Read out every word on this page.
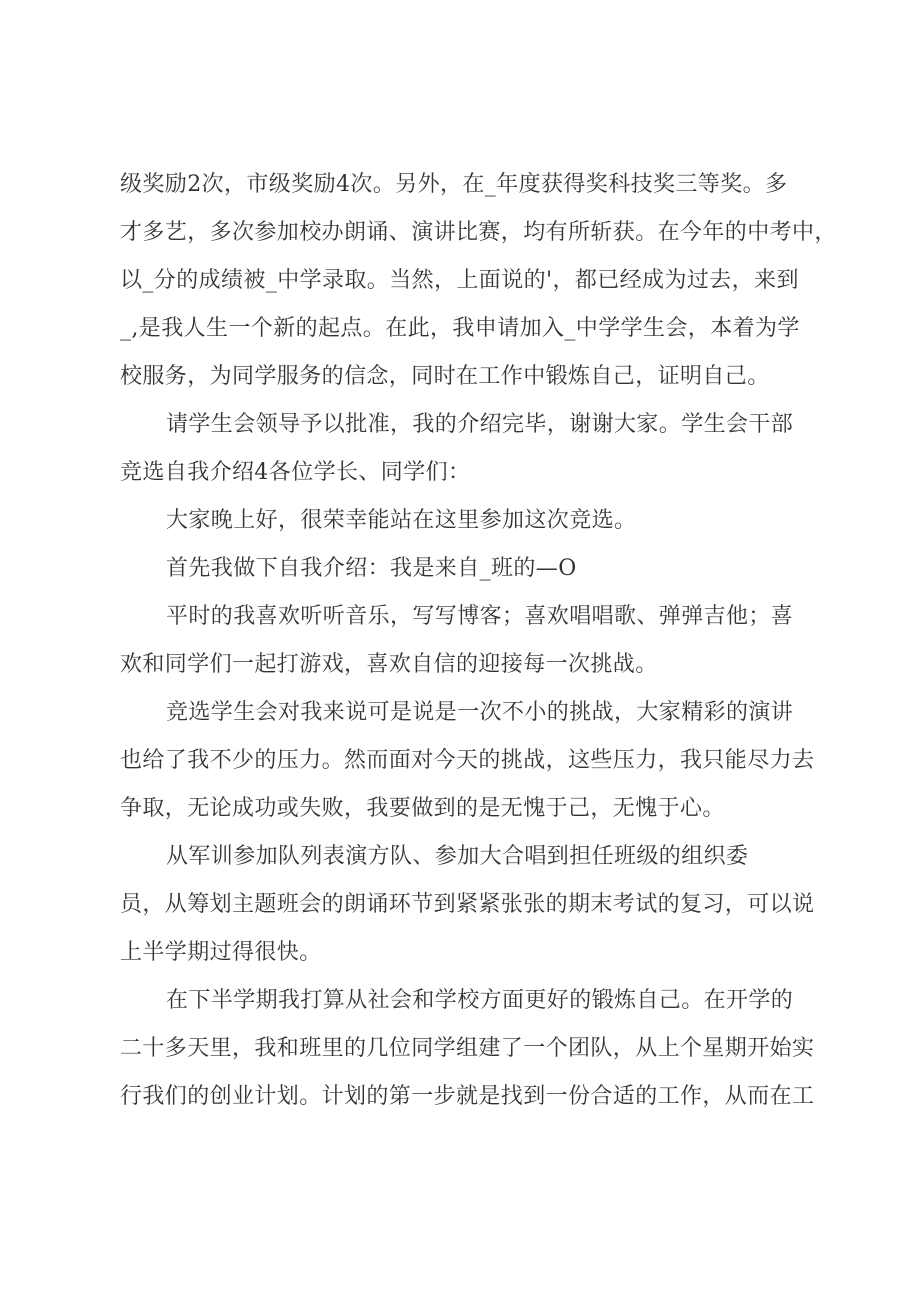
级奖励2次，市级奖励4次。另外，在_年度获得奖科技奖三等奖。多
才多艺，多次参加校办朗诵、演讲比赛，均有所斩获。在今年的中考中，
以_分的成绩被_中学录取。当然，上面说的'，都已经成为过去，来到
_,是我人生一个新的起点。在此，我申请加入_中学学生会，本着为学
校服务，为同学服务的信念，同时在工作中锻炼自己，证明自己。
请学生会领导予以批准，我的介绍完毕，谢谢大家。学生会干部
竞选自我介绍4各位学长、同学们：
大家晚上好，很荣幸能站在这里参加这次竞选。
首先我做下自我介绍：我是来自_班的—O
平时的我喜欢听听音乐，写写博客；喜欢唱唱歌、弹弹吉他；喜
欢和同学们一起打游戏，喜欢自信的迎接每一次挑战。
竞选学生会对我来说可是说是一次不小的挑战，大家精彩的演讲
也给了我不少的压力。然而面对今天的挑战，这些压力，我只能尽力去
争取，无论成功或失败，我要做到的是无愧于己，无愧于心。
从军训参加队列表演方队、参加大合唱到担任班级的组织委
员，从筹划主题班会的朗诵环节到紧紧张张的期末考试的复习，可以说
上半学期过得很快。
在下半学期我打算从社会和学校方面更好的锻炼自己。在开学的
二十多天里，我和班里的几位同学组建了一个团队，从上个星期开始实
行我们的创业计划。计划的第一步就是找到一份合适的工作，从而在工
